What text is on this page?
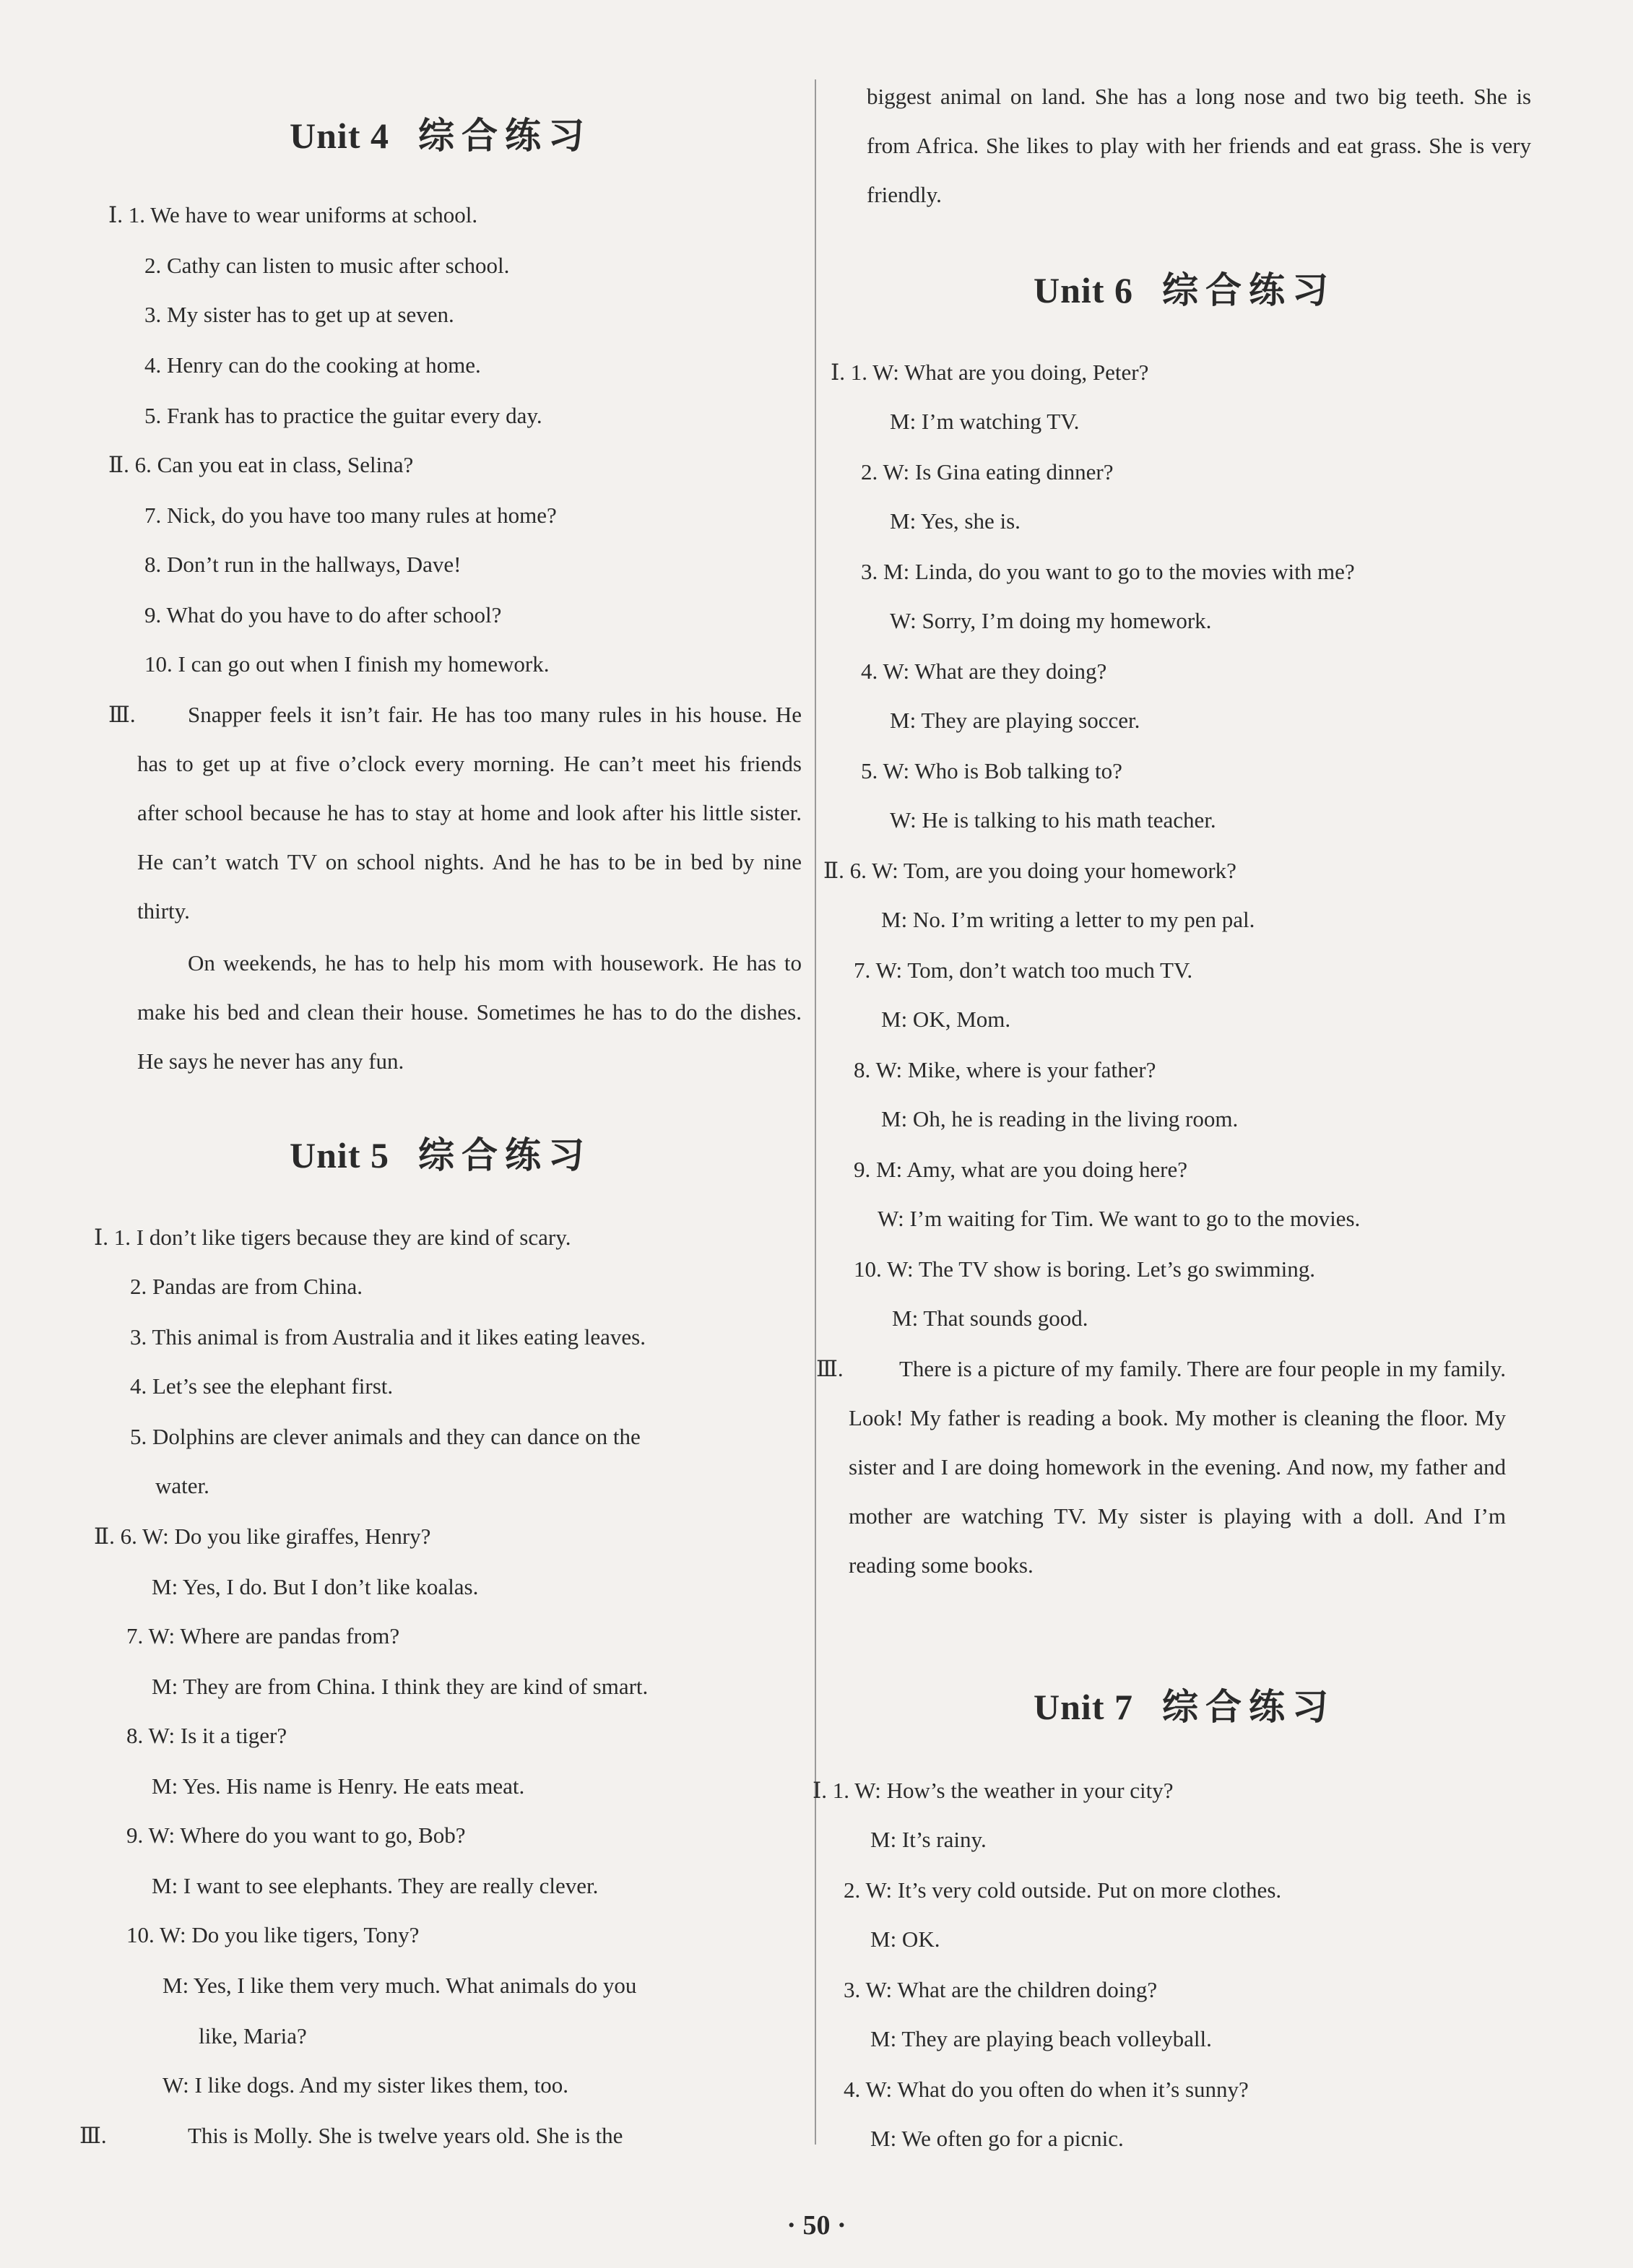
Unit 4 综合练习
Ⅰ. 1. We have to wear uniforms at school.
2. Cathy can listen to music after school.
3. My sister has to get up at seven.
4. Henry can do the cooking at home.
5. Frank has to practice the guitar every day.
Ⅱ. 6. Can you eat in class, Selina?
7. Nick, do you have too many rules at home?
8. Don’t run in the hallways, Dave!
9. What do you have to do after school?
10. I can go out when I finish my homework.
Ⅲ.	Snapper feels it isn’t fair. He has too many rules in his house. He has to get up at five o’clock every morning. He can’t meet his friends after school because he has to stay at home and look after his little sister. He can’t watch TV on school nights. And he has to be in bed by nine thirty.
On weekends, he has to help his mom with housework. He has to make his bed and clean their house. Sometimes he has to do the dishes. He says he never has any fun.
Unit 5 综合练习
Ⅰ. 1. I don’t like tigers because they are kind of scary.
2. Pandas are from China.
3. This animal is from Australia and it likes eating leaves.
4. Let’s see the elephant first.
5. Dolphins are clever animals and they can dance on the
water.
Ⅱ. 6. W: Do you like giraffes, Henry?
M: Yes, I do. But I don’t like koalas.
7. W: Where are pandas from?
M: They are from China. I think they are kind of smart.
8. W: Is it a tiger?
M: Yes. His name is Henry. He eats meat.
9. W: Where do you want to go, Bob?
M: I want to see elephants. They are really clever.
10. W: Do you like tigers, Tony?
M: Yes, I like them very much. What animals do you
like, Maria?
W: I like dogs. And my sister likes them, too.
Ⅲ.	This is Molly. She is twelve years old. She is the
biggest animal on land. She has a long nose and two big teeth. She is from Africa. She likes to play with her friends and eat grass. She is very friendly.
Unit 6 综合练习
Ⅰ. 1. W: What are you doing, Peter?
M: I’m watching TV.
2. W: Is Gina eating dinner?
M: Yes, she is.
3. M: Linda, do you want to go to the movies with me?
W: Sorry, I’m doing my homework.
4. W: What are they doing?
M: They are playing soccer.
5. W: Who is Bob talking to?
W: He is talking to his math teacher.
Ⅱ. 6. W: Tom, are you doing your homework?
M: No. I’m writing a letter to my pen pal.
7. W: Tom, don’t watch too much TV.
M: OK, Mom.
8. W: Mike, where is your father?
M: Oh, he is reading in the living room.
9. M: Amy, what are you doing here?
W: I’m waiting for Tim. We want to go to the movies.
10. W: The TV show is boring. Let’s go swimming.
M: That sounds good.
Ⅲ.	There is a picture of my family. There are four people in my family. Look! My father is reading a book. My mother is cleaning the floor. My sister and I are doing homework in the evening. And now, my father and mother are watching TV. My sister is playing with a doll. And I’m reading some books.
Unit 7 综合练习
Ⅰ. 1. W: How’s the weather in your city?
M: It’s rainy.
2. W: It’s very cold outside. Put on more clothes.
M: OK.
3. W: What are the children doing?
M: They are playing beach volleyball.
4. W: What do you often do when it’s sunny?
M: We often go for a picnic.
· 50 ·
